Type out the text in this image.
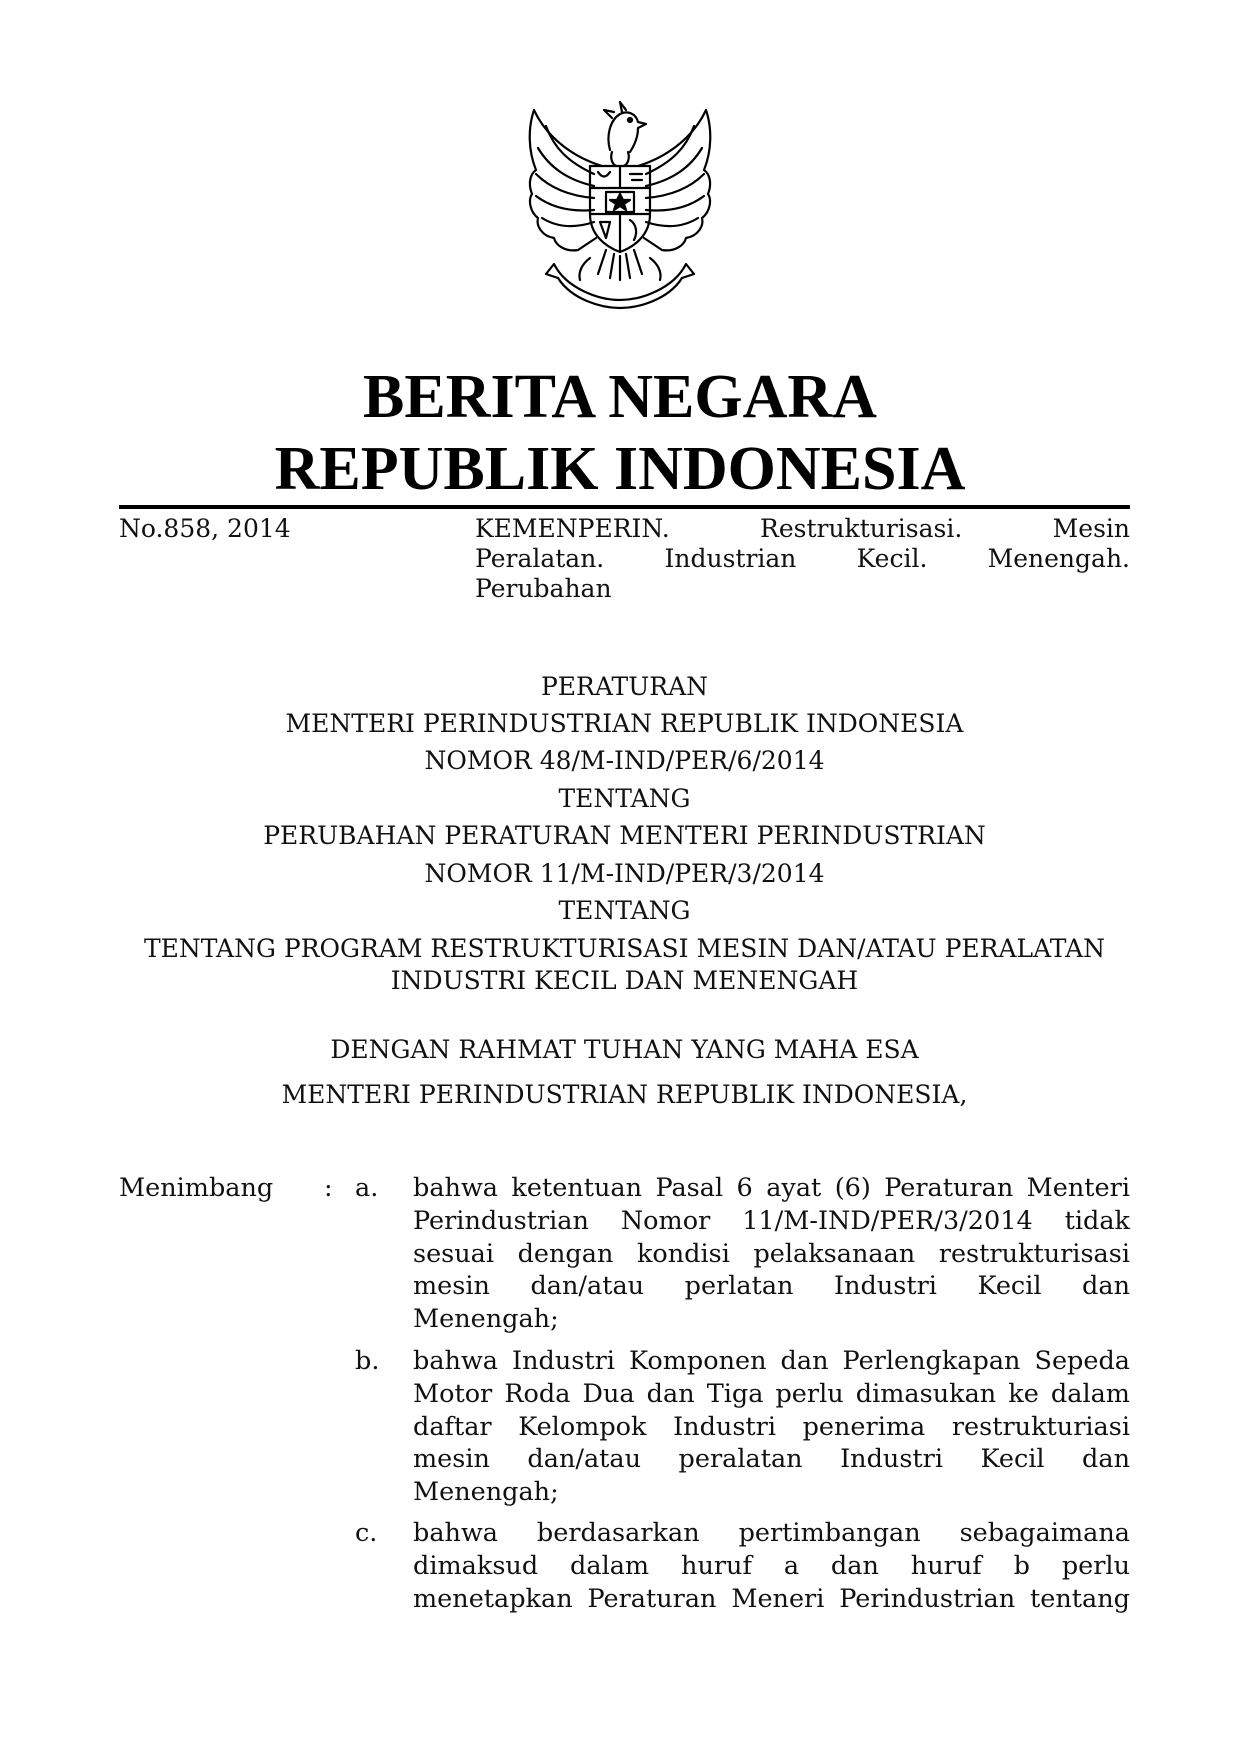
BERITA NEGARA
REPUBLIK INDONESIA
No.858, 2014	KEMENPERIN. Restrukturisasi. Mesin
Peralatan. Industrian Kecil. Menengah.
Perubahan
PERATURAN
MENTERI PERINDUSTRIAN REPUBLIK INDONESIA
NOMOR 48/M-IND/PER/6/2014
TENTANG
PERUBAHAN PERATURAN MENTERI PERINDUSTRIAN
NOMOR 11/M-IND/PER/3/2014
TENTANG
TENTANG PROGRAM RESTRUKTURISASI MESIN DAN/ATAU PERALATAN
INDUSTRI KECIL DAN MENENGAH
DENGAN RAHMAT TUHAN YANG MAHA ESA
MENTERI PERINDUSTRIAN REPUBLIK INDONESIA,
Menimbang : a. bahwa ketentuan Pasal 6 ayat (6) Peraturan Menteri
Perindustrian Nomor 11/M-IND/PER/3/2014 tidak
sesuai dengan kondisi pelaksanaan restrukturisasi
mesin dan/atau perlatan Industri Kecil dan
Menengah;
b. bahwa Industri Komponen dan Perlengkapan Sepeda
Motor Roda Dua dan Tiga perlu dimasukan ke dalam
daftar Kelompok Industri penerima restrukturiasi
mesin dan/atau peralatan Industri Kecil dan
Menengah;
c. bahwa berdasarkan pertimbangan sebagaimana
dimaksud dalam huruf a dan huruf b perlu
menetapkan Peraturan Meneri Perindustrian tentang
